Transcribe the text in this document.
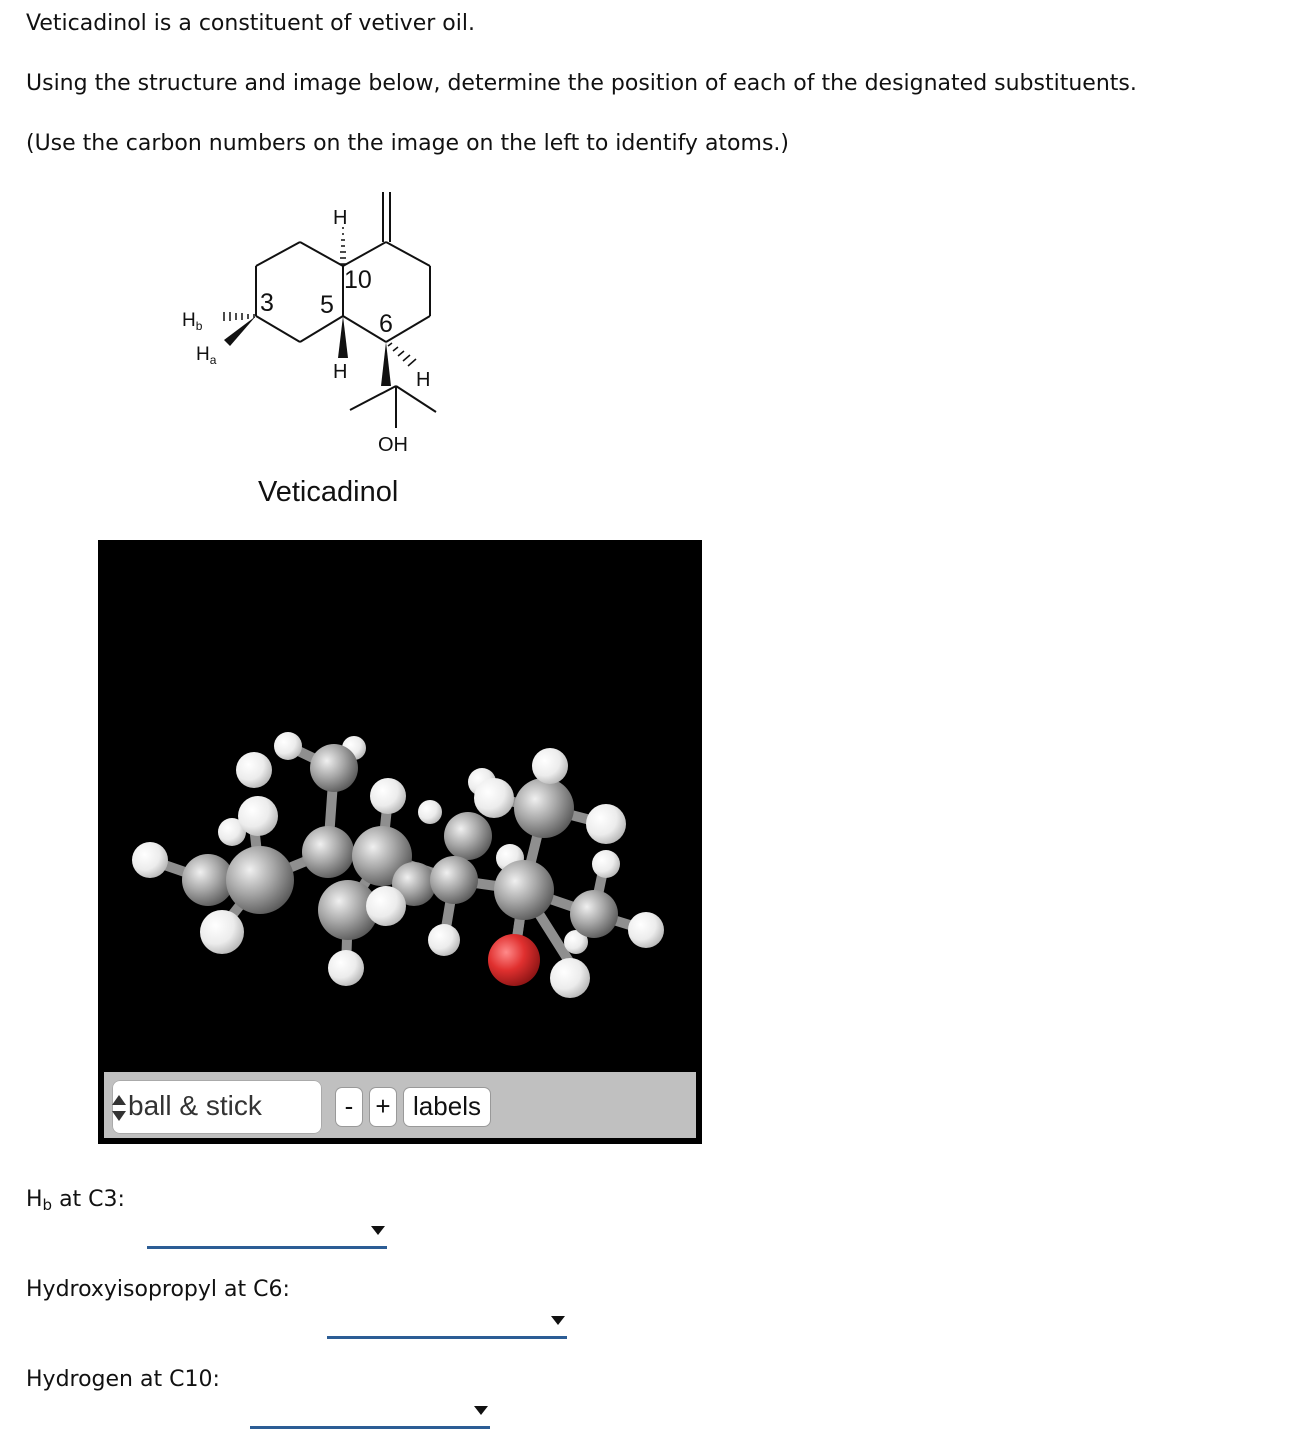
Veticadinol is a constituent of vetiver oil.
Using the structure and image below, determine the position of each of the designated substituents.
(Use the carbon numbers on the image on the left to identify atoms.)
H
10
3 5
6
H	H
$H_b$
$H_a$
OH
Veticadinol
ball & stick	- + labels
$H_b$ at C3:
Hydroxyisopropyl at C6:
Hydrogen at C10:
